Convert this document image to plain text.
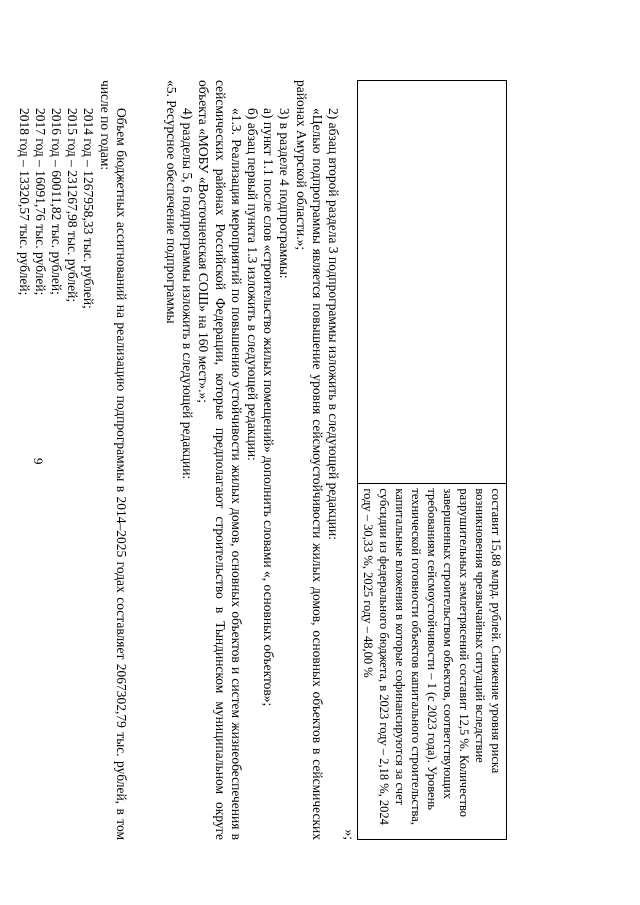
9
	составит 15,88 млрд. рублей. Снижение уровня риска возникновения чрезвычайных ситуаций вследствие разрушительных землетрясений составит 12,5 %. Количество завершенных строительством объектов, соответствующих требованиям сейсмоустойчивости – 1 (с 2023 года). Уровень технической готовности объектов капитального строительства, капитальные вложения в которые софинансируются за счет субсидии из федерального бюджета, в 2023 году – 2,18 %, 2024 году – 30,33 %, 2025 году – 48,00 %

»;

2) абзац второй раздела 3 подпрограммы изложить в следующей редакции:

«Целью подпрограммы является повышение уровня сейсмоустойчивости жилых домов, основных объектов в сейсмических районах Амурской области.»;

3) в разделе 4 подпрограммы:

а) пункт 1.1 после слов «строительство жилых помещений» дополнить словами «, основных объектов»;

б) абзац первый пункта 1.3 изложить в следующей редакции:

«1.3. Реализация мероприятий по повышению устойчивости жилых домов, основных объектов и систем жизнеобеспечения в сейсмических районах Российской Федерации, которые предполагают строительство в Тындинском муниципальном округе объекта «МОБУ «Восточненская СОШ» на 160 мест».»;

4) разделы 5, 6 подпрограммы изложить в следующей редакции:

«5. Ресурсное обеспечение подпрограммы

Объем бюджетных ассигнований на реализацию подпрограммы в 2014–2025 годах составляет 2067302,79 тыс. рублей, в том числе по годам:

2014 год – 1267958,33 тыс. рублей;

2015 год – 231267,98 тыс. рублей;

2016 год – 60011,82 тыс. рублей;

2017 год – 16091,76 тыс. рублей;

2018 год – 13320,57 тыс. рублей;
